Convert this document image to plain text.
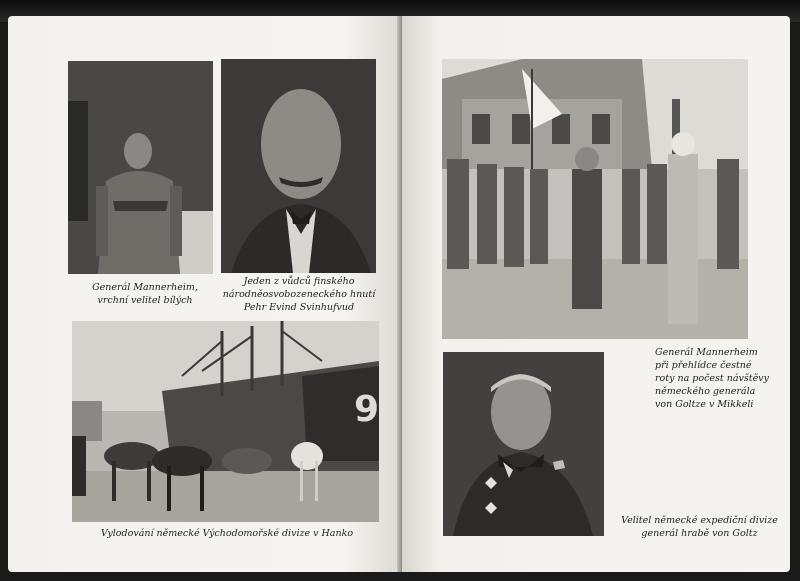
Generál Mannerheim,
vrchní velitel bílých
Jeden z vůdců finského
národněosvobozeneckého hnutí
Pehr Evind Svinhufvud
9
Vylodování německé Východomořské divize v Hanko
Generál Mannerheim
při přehlídce čestné
roty na počest návštěvy
německého generála
von Goltze v Mikkeli
Velitel německé expediční divize
generál hrabě von Goltz
